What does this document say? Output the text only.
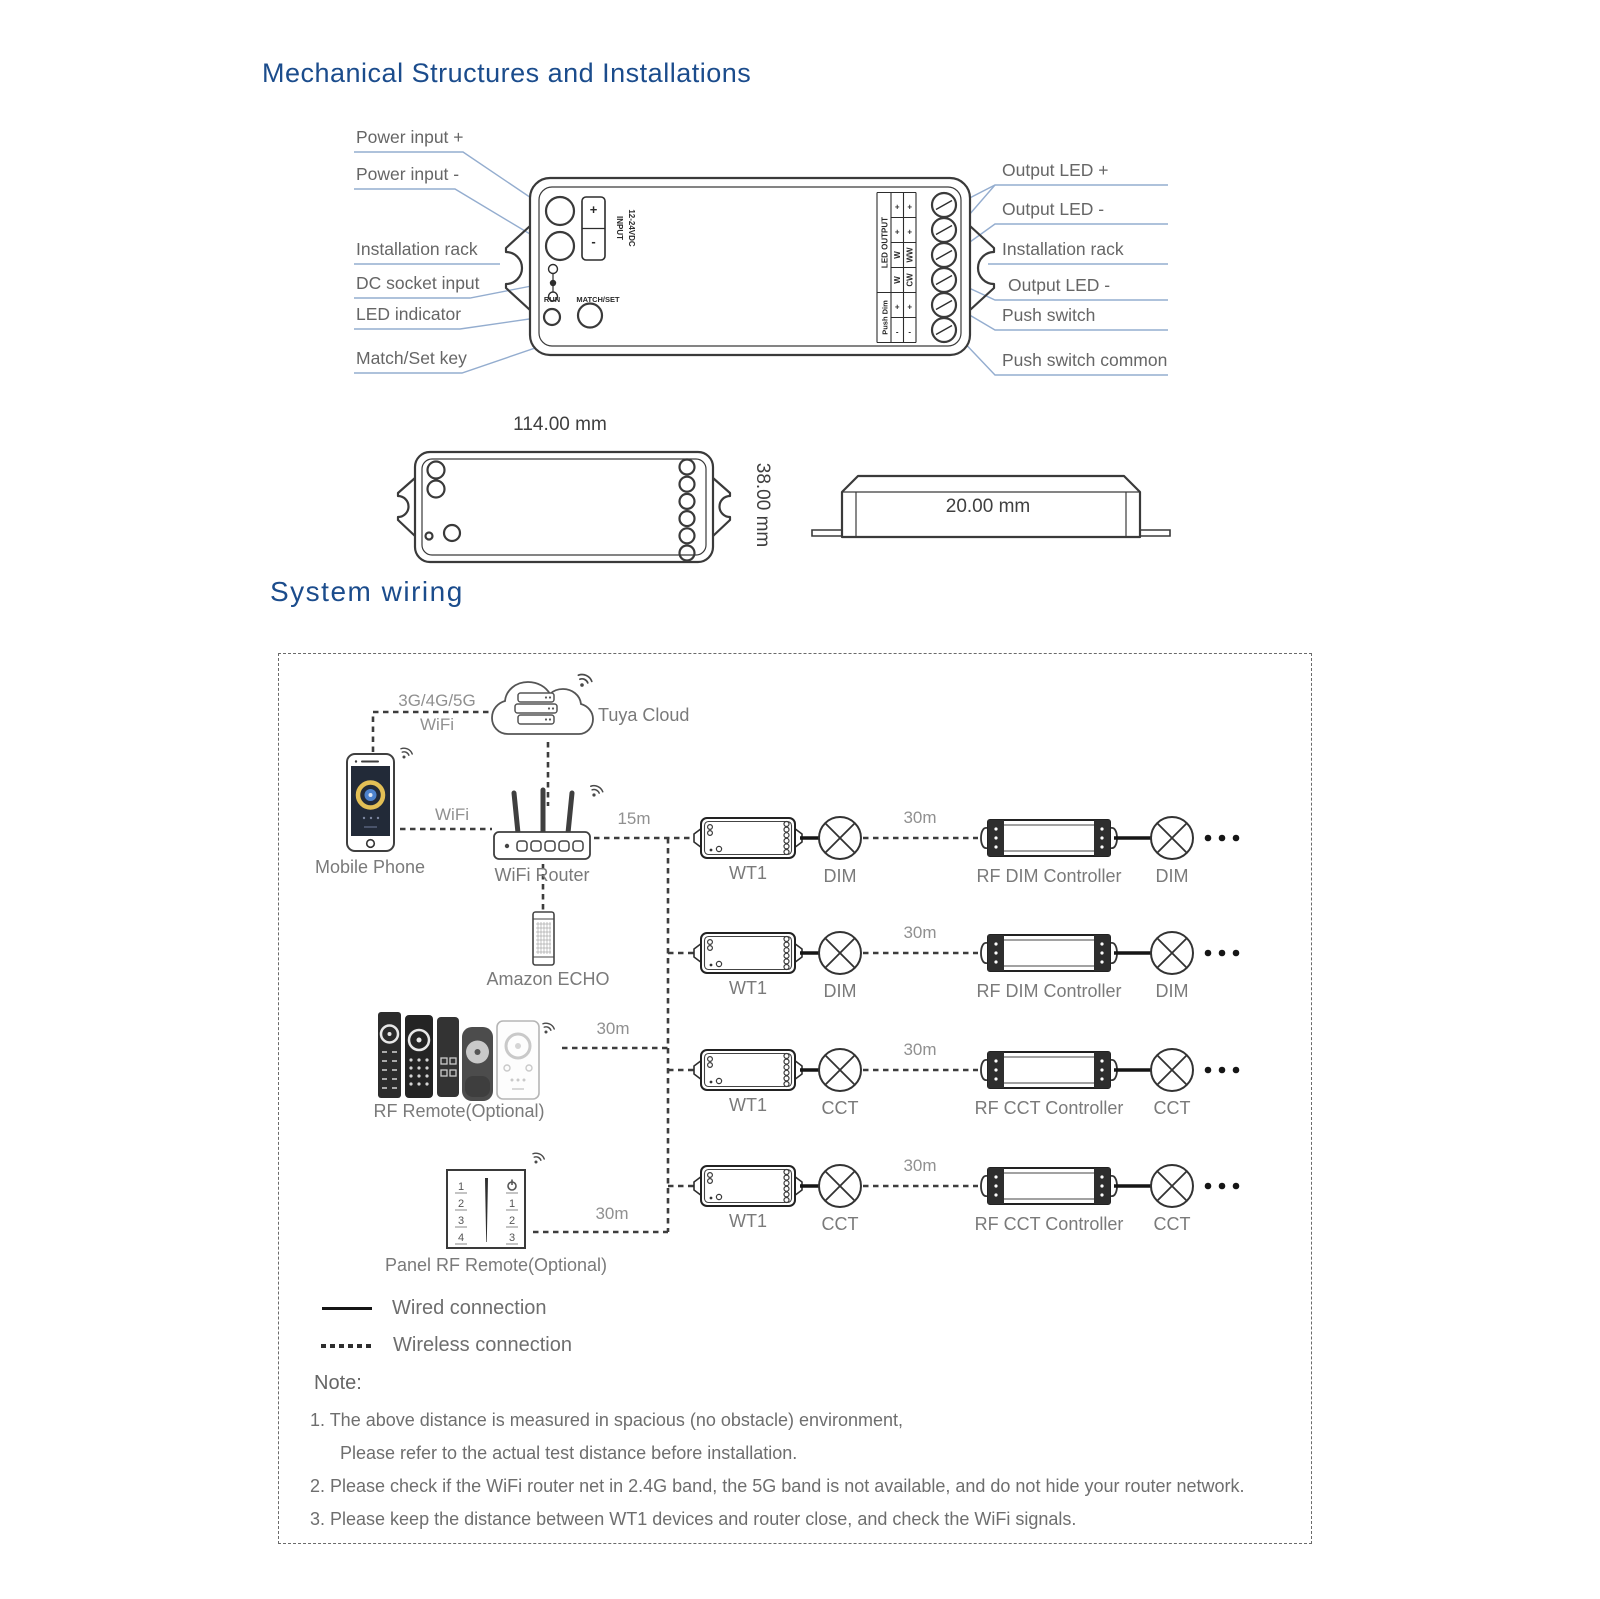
Mechanical Structures and Installations
System wiring
Power input +
Power input -
Installation rack
DC socket input
LED indicator
Match/Set key
Output LED +
Output LED -
Installation rack
Output LED -
Push switch
Push switch common
+
-
INPUT 12-24VDC
RUN MATCH/SET
LED OUTPUT
Push Dim
+ +
+ +
W WW
W CW
+ +
- -
114.00 mm
38.00 mm	20.00 mm
3G/4G/5G
WiFi
WiFi	15m
30m
30m
Tuya Cloud
Mobile Phone	WiFi Router
Amazon ECHO
RF Remote(Optional)
1
2
3
4
1
2
3
Panel RF Remote(Optional)
30m
WT1	DIM	RF DIM Controller DIM
30m
WT1	DIM	RF DIM Controller DIM
30m
WT1	CCT	RF CCT Controller CCT
30m
WT1	CCT	RF CCT Controller CCT
Wired connection
Wireless connection
Note:
1. The above distance is measured in spacious (no obstacle) environment,
Please refer to the actual test distance before installation.
2. Please check if the WiFi router net in 2.4G band, the 5G band is not available, and do not hide your router network.
3. Please keep the distance between WT1 devices and router close, and check the WiFi signals.
